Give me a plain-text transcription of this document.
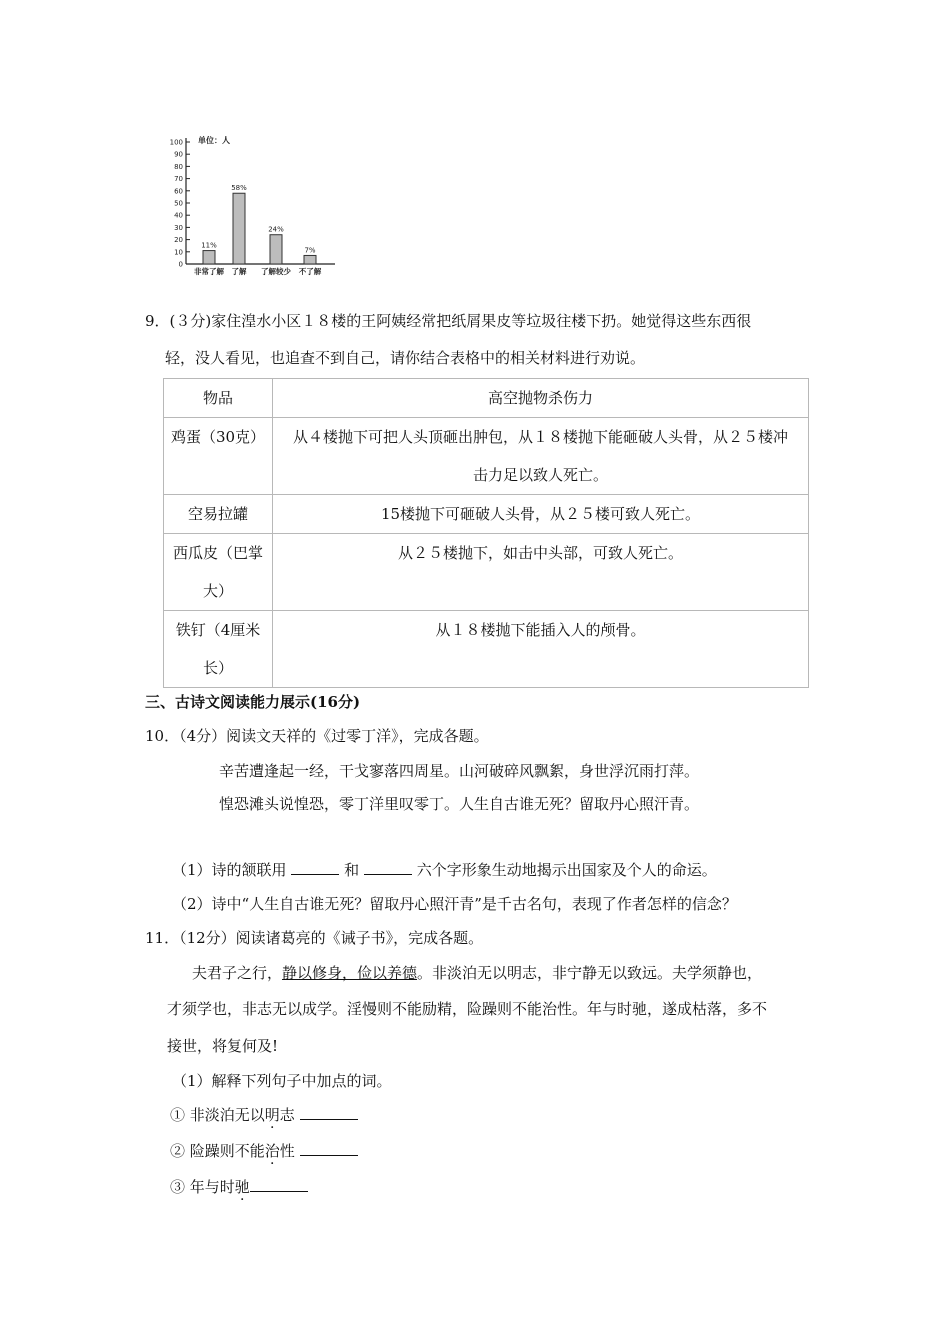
0
10
20
30
40
50
60
70
80
90
100 单位：人
11%
非常了解
58%
了解
24%
了解较少
7%
不了解
9．(３分)家住湟水小区１８楼的王阿姨经常把纸屑果皮等垃圾往楼下扔。她觉得这些东西很
轻，没人看见，也追查不到自己，请你结合表格中的相关材料进行劝说。
物品	高空抛物杀伤力

鸡蛋（30克）	从４楼抛下可把人头顶砸出肿包，从１８楼抛下能砸破人头骨，从２５楼冲
击力足以致人死亡。

空易拉罐	15楼抛下可砸破人头骨，从２５楼可致人死亡。

西瓜皮（巴掌
大）	从２５楼抛下，如击中头部，可致人死亡。

铁钉（4厘米
长）	从１８楼抛下能插入人的颅骨。
三、古诗文阅读能力展示(16分)
10．（4分）阅读文天祥的《过零丁洋》，完成各题。
辛苦遭逢起一经，干戈寥落四周星。山河破碎风飘絮，身世浮沉雨打萍。
惶恐滩头说惶恐，零丁洋里叹零丁。人生自古谁无死？留取丹心照汗青。
（1）诗的颔联用	和	六个字形象生动地揭示出国家及个人的命运。
（2）诗中“人生自古谁无死？留取丹心照汗青”是千古名句，表现了作者怎样的信念？
11．（12分）阅读诸葛亮的《诫子书》，完成各题。
夫君子之行，静以修身，俭以养德。非淡泊无以明志，非宁静无以致远。夫学须静也，
才须学也，非志无以成学。淫慢则不能励精，险躁则不能治性。年与时驰，遂成枯落，多不
接世，将复何及!
（1）解释下列句子中加点的词。
① 非淡泊无以明志
② 险躁则不能治性
③ 年与时驰
